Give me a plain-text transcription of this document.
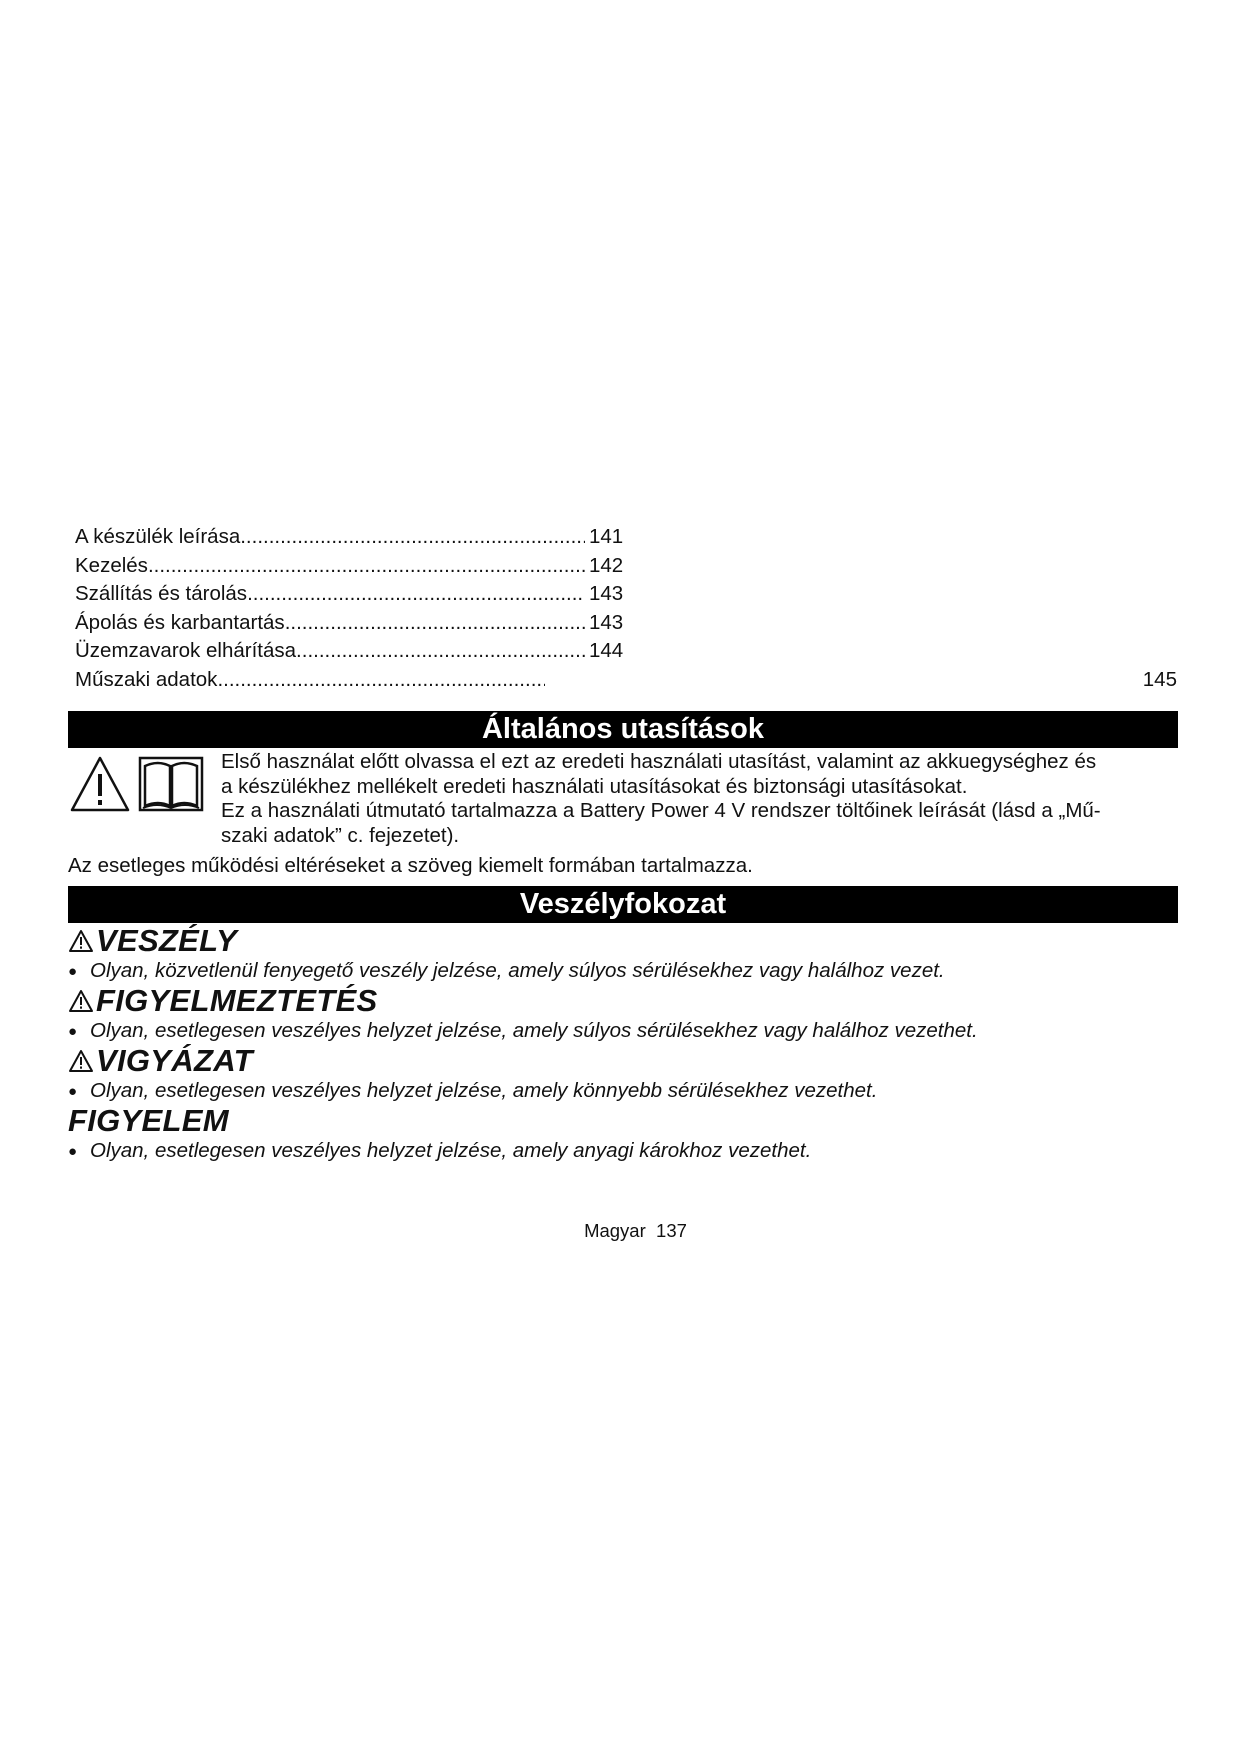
A készülék leírása .....	141
Kezelés .....	142
Szállítás és tárolás .....	143
Ápolás és karbantartás .....	143
Üzemzavarok elhárítása .....	144
Műszaki adatok .....	145
Általános utasítások

Első használat előtt olvassa el ezt az eredeti használati utasítást, valamint az akkuegységhez és

a készülékhez mellékelt eredeti használati utasításokat és biztonsági utasításokat.

Ez a használati útmutató tartalmazza a Battery Power 4 V rendszer töltőinek leírását (lásd a „Mű-

szaki adatok” c. fejezetet).

Az esetleges működési eltéréseket a szöveg kiemelt formában tartalmazza.
Veszélyfokozat
VESZÉLY
● Olyan, közvetlenül fenyegető veszély jelzése, amely súlyos sérülésekhez vagy halálhoz vezet.
FIGYELMEZTETÉS
● Olyan, esetlegesen veszélyes helyzet jelzése, amely súlyos sérülésekhez vagy halálhoz vezethet.
VIGYÁZAT
● Olyan, esetlegesen veszélyes helyzet jelzése, amely könnyebb sérülésekhez vezethet.
FIGYELEM
● Olyan, esetlegesen veszélyes helyzet jelzése, amely anyagi károkhoz vezethet.
Magyar 137
